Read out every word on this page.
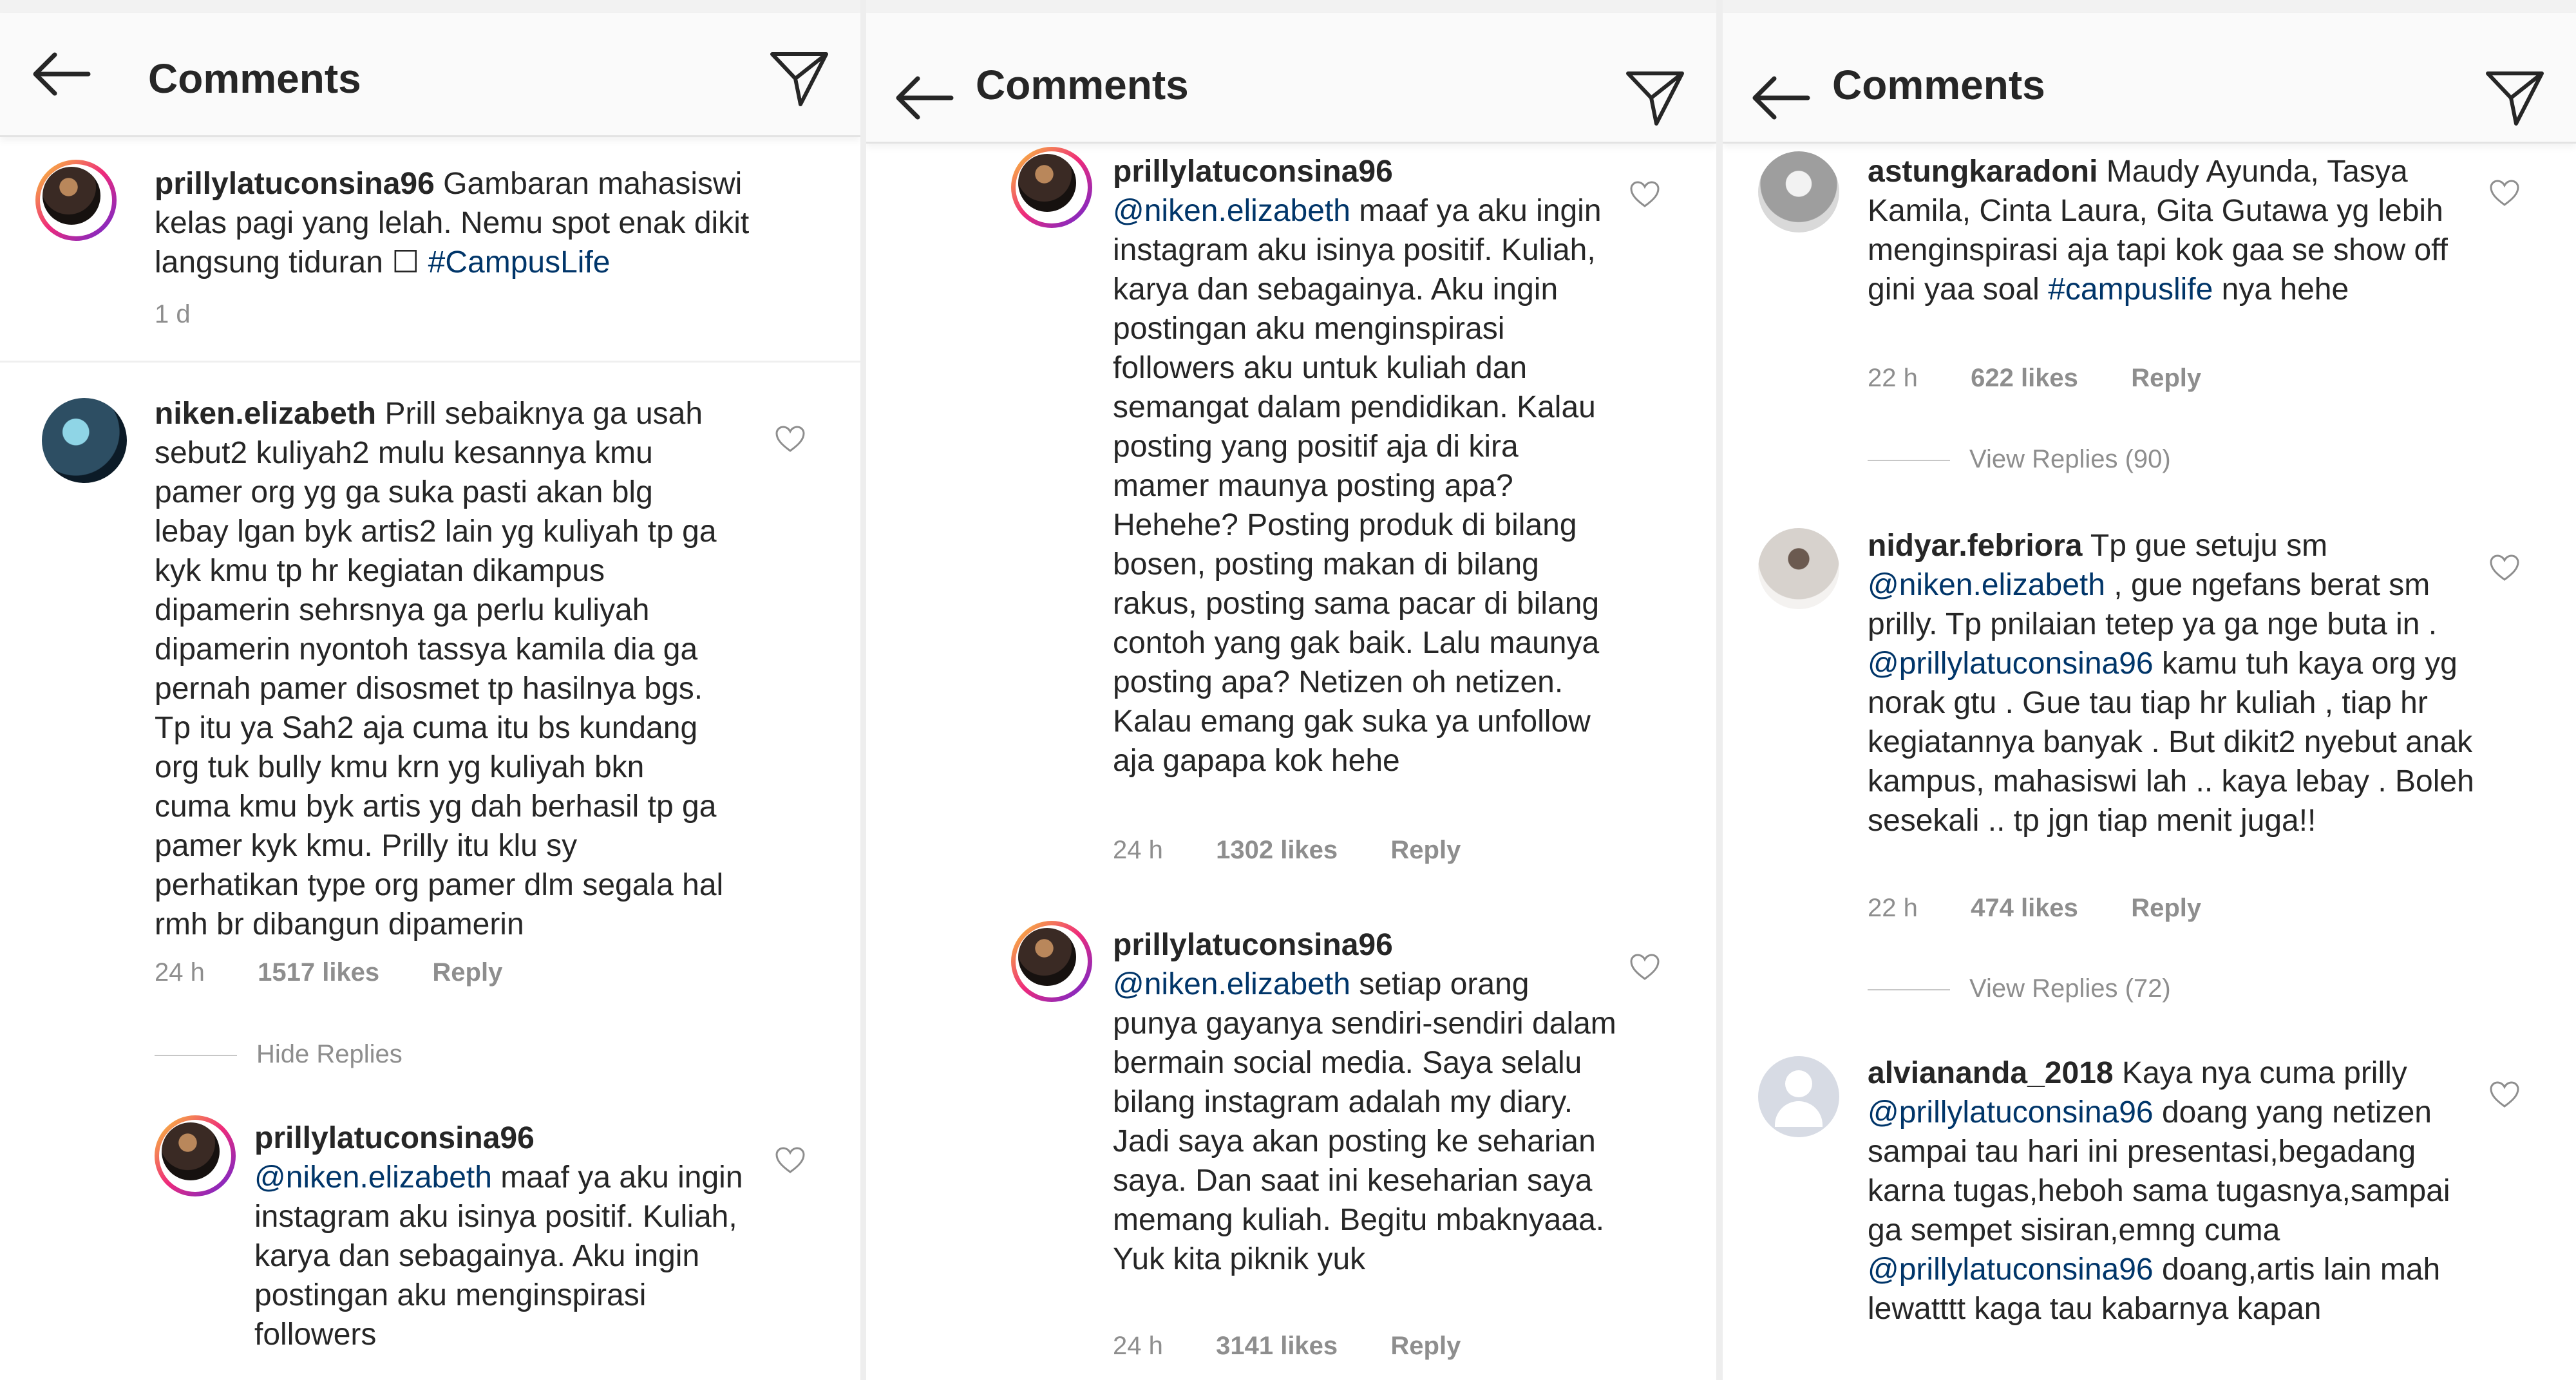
Comments
prillylatuconsina96 Gambaran mahasiswi kelas pagi yang lelah. Nemu spot enak dikit langsung tiduran ☐ #CampusLife
1 d
niken.elizabeth Prill sebaiknya ga usah sebut2 kuliyah2 mulu kesannya kmu pamer org yg ga suka pasti akan blg lebay lgan byk artis2 lain yg kuliyah tp ga kyk kmu tp hr kegiatan dikampus dipamerin sehrsnya ga perlu kuliyah dipamerin nyontoh tassya kamila dia ga pernah pamer disosmet tp hasilnya bgs. Tp itu ya Sah2 aja cuma itu bs kundang org tuk bully kmu krn yg kuliyah bkn cuma kmu byk artis yg dah berhasil tp ga pamer kyk kmu. Prilly itu klu sy perhatikan type org pamer dlm segala hal rmh br dibangun dipamerin
24 h 1517 likes Reply
Hide Replies
prillylatuconsina96
@niken.elizabeth maaf ya aku ingin instagram aku isinya positif. Kuliah, karya dan sebagainya. Aku ingin postingan aku menginspirasi followers
Comments
prillylatuconsina96
@niken.elizabeth maaf ya aku ingin instagram aku isinya positif. Kuliah, karya dan sebagainya. Aku ingin postingan aku menginspirasi followers aku untuk kuliah dan semangat dalam pendidikan. Kalau posting yang positif aja di kira mamer maunya posting apa? Hehehe? Posting produk di bilang bosen, posting makan di bilang rakus, posting sama pacar di bilang contoh yang gak baik. Lalu maunya posting apa? Netizen oh netizen. Kalau emang gak suka ya unfollow aja gapapa kok hehe
24 h 1302 likes Reply
prillylatuconsina96
@niken.elizabeth setiap orang punya gayanya sendiri-sendiri dalam bermain social media. Saya selalu bilang instagram adalah my diary. Jadi saya akan posting ke seharian saya. Dan saat ini keseharian saya memang kuliah. Begitu mbaknyaaa. Yuk kita piknik yuk
24 h 3141 likes Reply
Comments
astungkaradoni Maudy Ayunda, Tasya Kamila, Cinta Laura, Gita Gutawa yg lebih menginspirasi aja tapi kok gaa se show off gini yaa soal #campuslife nya hehe
22 h 622 likes Reply
View Replies (90)
nidyar.febriora Tp gue setuju sm @niken.elizabeth , gue ngefans berat sm prilly. Tp pnilaian tetep ya ga nge buta in . @prillylatuconsina96 kamu tuh kaya org yg norak gtu . Gue tau tiap hr kuliah , tiap hr kegiatannya banyak . But dikit2 nyebut anak kampus, mahasiswi lah .. kaya lebay . Boleh sesekali .. tp jgn tiap menit juga!!
22 h 474 likes Reply
View Replies (72)
alviananda_2018 Kaya nya cuma prilly @prillylatuconsina96 doang yang netizen sampai tau hari ini presentasi,begadang karna tugas,heboh sama tugasnya,sampai ga sempet sisiran,emng cuma @prillylatuconsina96 doang,artis lain mah lewatttt kaga tau kabarnya kapan
